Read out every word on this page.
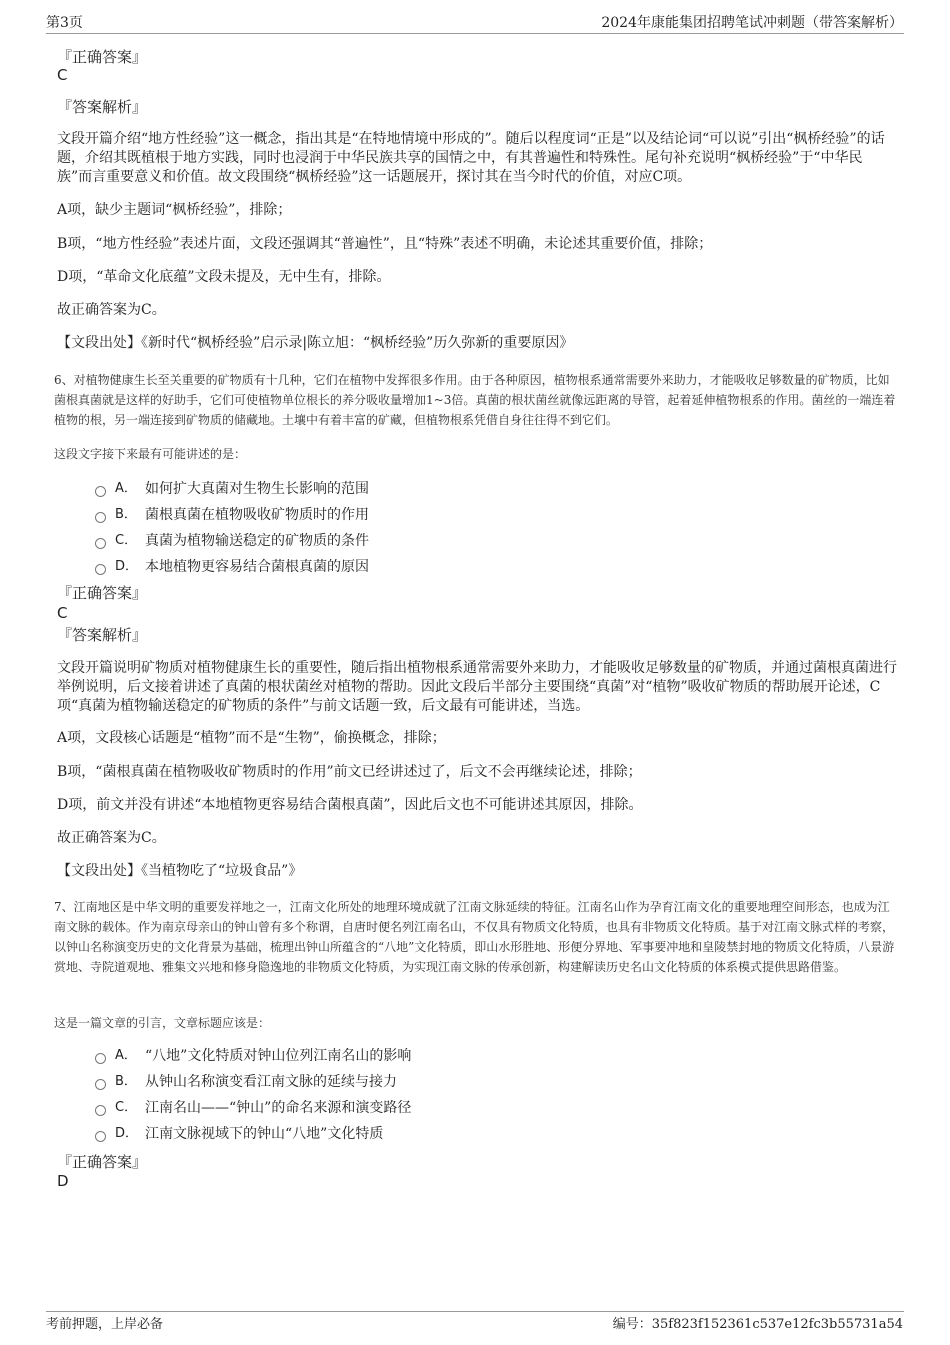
第3页	2024年康能集团招聘笔试冲刺题（带答案解析）
『正确答案』
C
『答案解析』
文段开篇介绍“地方性经验”这一概念，指出其是“在特地情境中形成的”。随后以程度词“正是”以及结论词“可以说”引出“枫桥经验”的话题，介绍其既植根于地方实践，同时也浸润于中华民族共享的国情之中，有其普遍性和特殊性。尾句补充说明“枫桥经验”于“中华民族”而言重要意义和价值。故文段围绕“枫桥经验”这一话题展开，探讨其在当今时代的价值，对应C项。
A项，缺少主题词“枫桥经验”，排除；
B项，“地方性经验”表述片面，文段还强调其“普遍性”，且“特殊”表述不明确，未论述其重要价值，排除；
D项，“革命文化底蕴”文段未提及，无中生有，排除。
故正确答案为C。
【文段出处】《新时代“枫桥经验”启示录|陈立旭：“枫桥经验”历久弥新的重要原因》
6、对植物健康生长至关重要的矿物质有十几种，它们在植物中发挥很多作用。由于各种原因，植物根系通常需要外来助力，才能吸收足够数量的矿物质，比如菌根真菌就是这样的好助手，它们可使植物单位根长的养分吸收量增加1~3倍。真菌的根状菌丝就像远距离的导管，起着延伸植物根系的作用。菌丝的一端连着植物的根，另一端连接到矿物质的储藏地。土壤中有着丰富的矿藏，但植物根系凭借自身往往得不到它们。
这段文字接下来最有可能讲述的是：
A． 如何扩大真菌对生物生长影响的范围
B． 菌根真菌在植物吸收矿物质时的作用
C． 真菌为植物输送稳定的矿物质的条件
D． 本地植物更容易结合菌根真菌的原因
『正确答案』
C
『答案解析』
文段开篇说明矿物质对植物健康生长的重要性，随后指出植物根系通常需要外来助力，才能吸收足够数量的矿物质，并通过菌根真菌进行举例说明，后文接着讲述了真菌的根状菌丝对植物的帮助。因此文段后半部分主要围绕“真菌”对“植物”吸收矿物质的帮助展开论述，C项“真菌为植物输送稳定的矿物质的条件”与前文话题一致，后文最有可能讲述，当选。
A项，文段核心话题是“植物”而不是“生物”，偷换概念，排除；
B项，“菌根真菌在植物吸收矿物质时的作用”前文已经讲述过了，后文不会再继续论述，排除；
D项，前文并没有讲述“本地植物更容易结合菌根真菌”，因此后文也不可能讲述其原因，排除。
故正确答案为C。
【文段出处】《当植物吃了“垃圾食品”》
7、江南地区是中华文明的重要发祥地之一，江南文化所处的地理环境成就了江南文脉延续的特征。江南名山作为孕育江南文化的重要地理空间形态，也成为江南文脉的载体。作为南京母亲山的钟山曾有多个称谓，自唐时便名列江南名山，不仅具有物质文化特质，也具有非物质文化特质。基于对江南文脉式样的考察，以钟山名称演变历史的文化背景为基础，梳理出钟山所蕴含的“八地”文化特质，即山水形胜地、形便分界地、军事要冲地和皇陵禁封地的物质文化特质，八景游赏地、寺院道观地、雅集文兴地和修身隐逸地的非物质文化特质，为实现江南文脉的传承创新，构建解读历史名山文化特质的体系模式提供思路借鉴。
这是一篇文章的引言，文章标题应该是：
A． “八地”文化特质对钟山位列江南名山的影响
B． 从钟山名称演变看江南文脉的延续与接力
C． 江南名山——“钟山”的命名来源和演变路径
D． 江南文脉视域下的钟山“八地”文化特质
『正确答案』
D
考前押题，上岸必备	编号：35f823f152361c537e12fc3b55731a54
